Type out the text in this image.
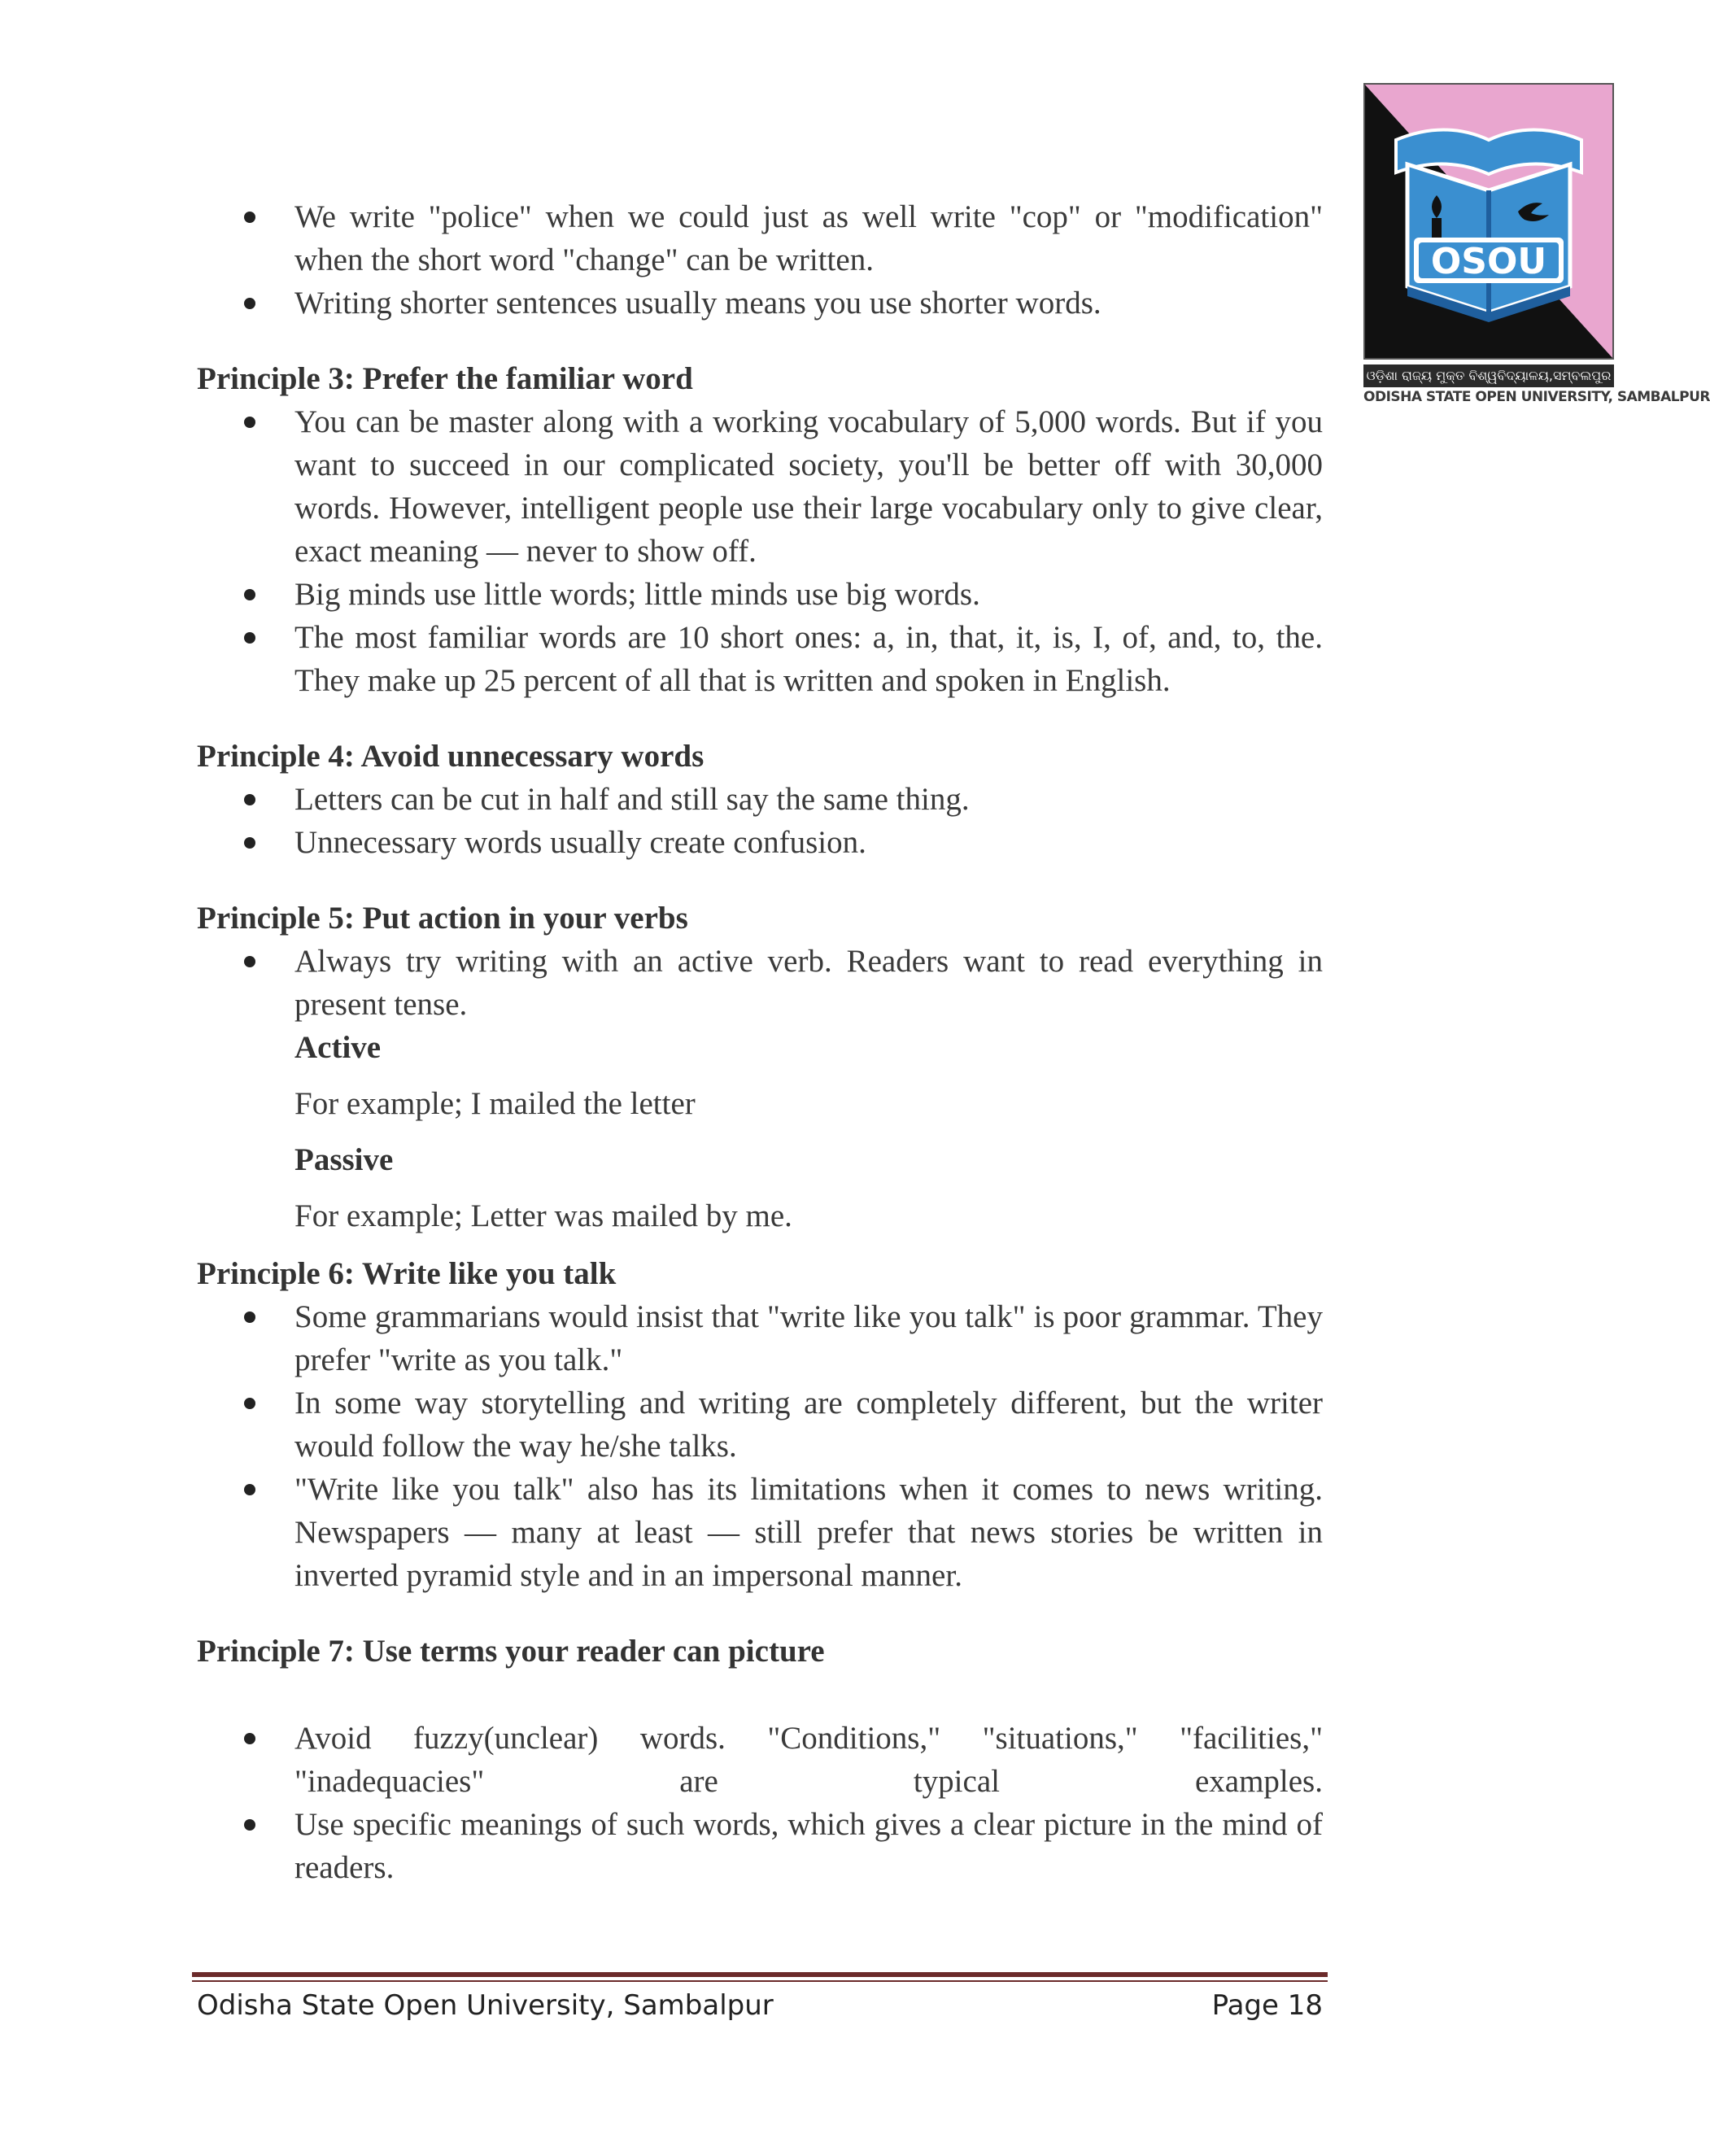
OSOU
ଓଡ଼ିଶା ରାଜ୍ୟ ମୁକ୍ତ ବିଶ୍ୱବିଦ୍ୟାଳୟ,ସମ୍ବଲପୁର
ODISHA STATE OPEN UNIVERSITY, SAMBALPUR
We write "police" when we could just as well write "cop" or "modification" when the short word "change" can be written.
Writing shorter sentences usually means you use shorter words.

Principle 3: Prefer the familiar word

You can be master along with a working vocabulary of 5,000 words. But if you want to succeed in our complicated society, you'll be better off with 30,000 words. However, intelligent people use their large vocabulary only to give clear, exact meaning — never to show off.
Big minds use little words; little minds use big words.
The most familiar words are 10 short ones: a, in, that, it, is, I, of, and, to, the. They make up 25 percent of all that is written and spoken in English.

Principle 4: Avoid unnecessary words

Letters can be cut in half and still say the same thing.
Unnecessary words usually create confusion.

Principle 5: Put action in your verbs

Always try writing with an active verb. Readers want to read everything in present tense.

Active

For example; I mailed the letter

Passive

For example; Letter was mailed by me.

Principle 6: Write like you talk

Some grammarians would insist that "write like you talk" is poor grammar. They prefer "write as you talk."
In some way storytelling and writing are completely different, but the writer would follow the way he/she talks.
"Write like you talk" also has its limitations when it comes to news writing. Newspapers — many at least — still prefer that news stories be written in inverted pyramid style and in an impersonal manner.

Principle 7: Use terms your reader can picture

Avoid fuzzy(unclear) words. "Conditions," "situations," "facilities," "inadequacies" are typical examples.
Use specific meanings of such words, which gives a clear picture in the mind of readers.
Odisha State Open University, Sambalpur	Page 18
